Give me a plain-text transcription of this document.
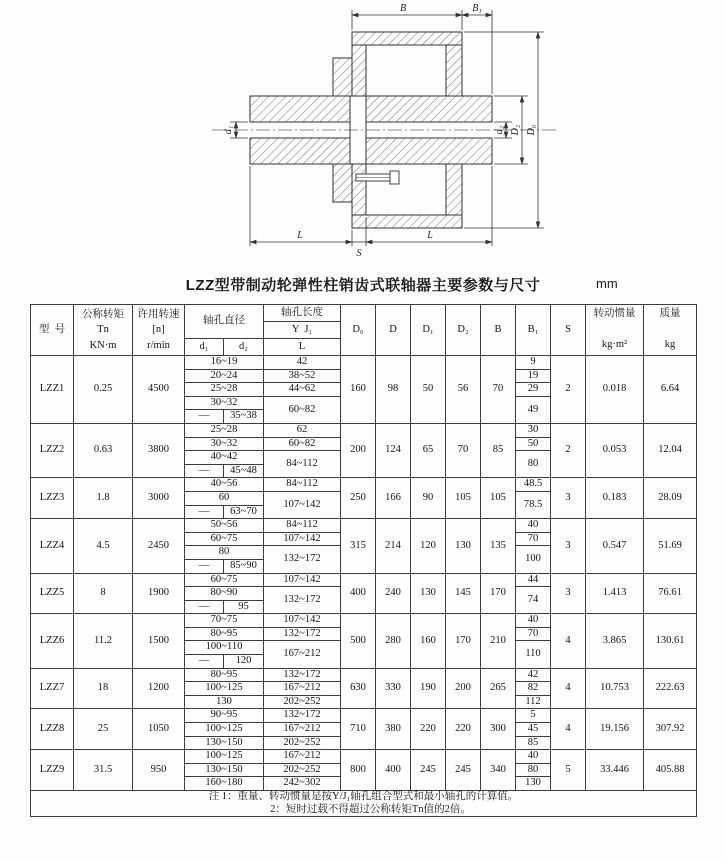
B	B₁
d₁	d₂ D₂ D₀
L
S
L
LZZ型带制动轮弹性柱销齿式联轴器主要参数与尺寸	mm
型  号	
公称转矩
Tn
KN·m

许用转速
[n]
r/min
	轴孔直径	轴孔长度	D₀	D	D₁	D₂	B	B₁	S	
转动惯量
kg·m²

质量
kg

					Y  J₁									
			d₁	d₂	L									
LZZ1	0.25	4500	16~19		42	160	98	50	56	70	9	2	0.018	6.64
			20~24		38~52						19			
			25~28		44~62						29			
			30~32		60~82						49			
			—	35~38										
LZZ2	0.63	3800	25~28		62	200	124	65	70	85	30	2	0.053	12.04
			30~32		60~82						50			
			40~42		84~112						80			
			—	45~48										
LZZ3	1.8	3000	40~56		84~112	250	166	90	105	105	48.5	3	0.183	28.09
			60		107~142						78.5			
			—	63~70										
LZZ4	4.5	2450	50~56		84~112	315	214	120	130	135	40	3	0.547	51.69
			60~75		107~142						70			
			80		132~172						100			
			—	85~90										
LZZ5	8	1900	60~75		107~142	400	240	130	145	170	44	3	1.413	76.61
			80~90		132~172						74			
			—	95										
LZZ6	11.2	1500	70~75		107~142	500	280	160	170	210	40	4	3.865	130.61
			80~95		132~172						70			
			100~110		167~212						110			
			—	120										
LZZ7	18	1200	80~95		132~172	630	330	190	200	265	42	4	10.753	222.63
			100~125		167~212						82			
			130		202~252						112			
LZZ8	25	1050	90~95		132~172	710	380	220	220	300	5	4	19.156	307.92
			100~125		167~212						45			
			130~150		202~252						85			
LZZ9	31.5	950	100~125		167~212	800	400	245	245	340	40	5	33.446	405.88
			130~150		202~252						80			
			160~180		242~302						130			

注 1：重量、转动惯量是按Y/J₁轴孔组合型式和最小轴孔的计算值。
2：短时过载不得超过公称转矩Tn值的2倍。														
